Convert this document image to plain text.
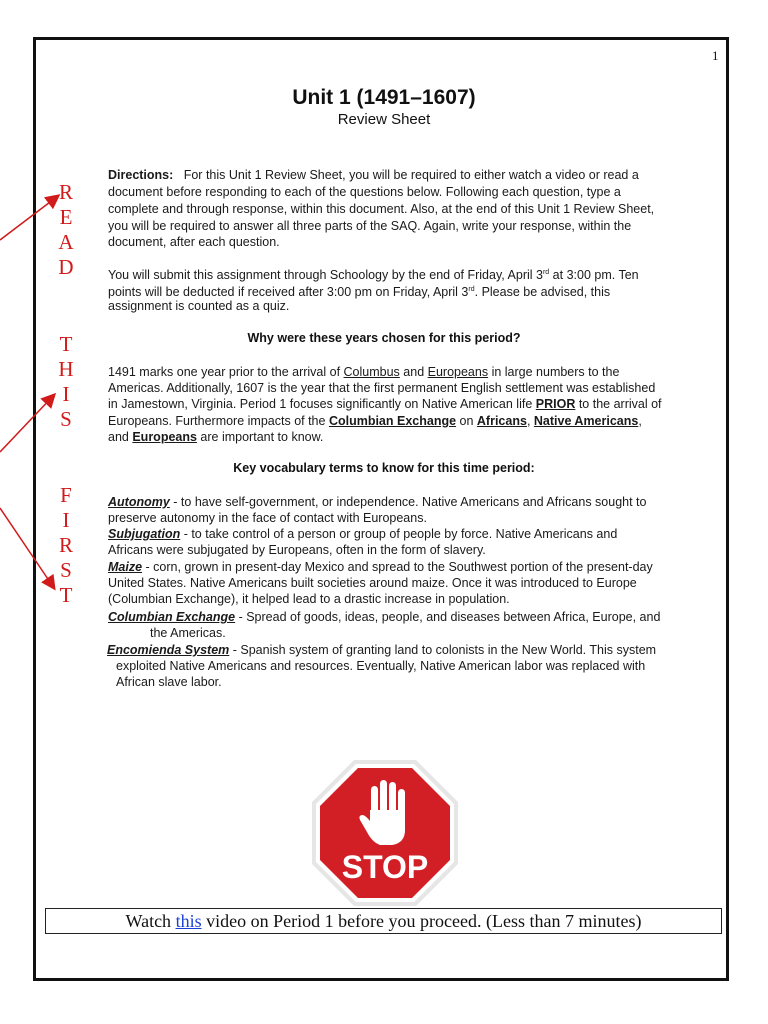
1
Unit 1 (1491–1607)
Review Sheet
R
E
A
D
T
H
I
S
F
I
R
S
T
Directions: For this Unit 1 Review Sheet, you will be required to either watch a video or read a
document before responding to each of the questions below. Following each question, type a
complete and through response, within this document. Also, at the end of this Unit 1 Review Sheet,
you will be required to answer all three parts of the SAQ. Again, write your response, within the
document, after each question.
You will submit this assignment through Schoology by the end of Friday, April 3rd at 3:00 pm. Ten
points will be deducted if received after 3:00 pm on Friday, April 3rd. Please be advised, this
assignment is counted as a quiz.
Why were these years chosen for this period?
1491 marks one year prior to the arrival of Columbus and Europeans in large numbers to the
Americas. Additionally, 1607 is the year that the first permanent English settlement was established
in Jamestown, Virginia. Period 1 focuses significantly on Native American life PRIOR to the arrival of
Europeans. Furthermore impacts of the Columbian Exchange on Africans, Native Americans,
and Europeans are important to know.
Key vocabulary terms to know for this time period:
Autonomy - to have self-government, or independence. Native Americans and Africans sought to
preserve autonomy in the face of contact with Europeans.
Subjugation - to take control of a person or group of people by force. Native Americans and
Africans were subjugated by Europeans, often in the form of slavery.
Maize - corn, grown in present-day Mexico and spread to the Southwest portion of the present-day
United States. Native Americans built societies around maize. Once it was introduced to Europe
(Columbian Exchange), it helped lead to a drastic increase in population.
Columbian Exchange - Spread of goods, ideas, people, and diseases between Africa, Europe, and
the Americas.
Encomienda System - Spanish system of granting land to colonists in the New World. This system
exploited Native Americans and resources. Eventually, Native American labor was replaced with
African slave labor.
STOP
Watch this video on Period 1 before you proceed. (Less than 7 minutes)
